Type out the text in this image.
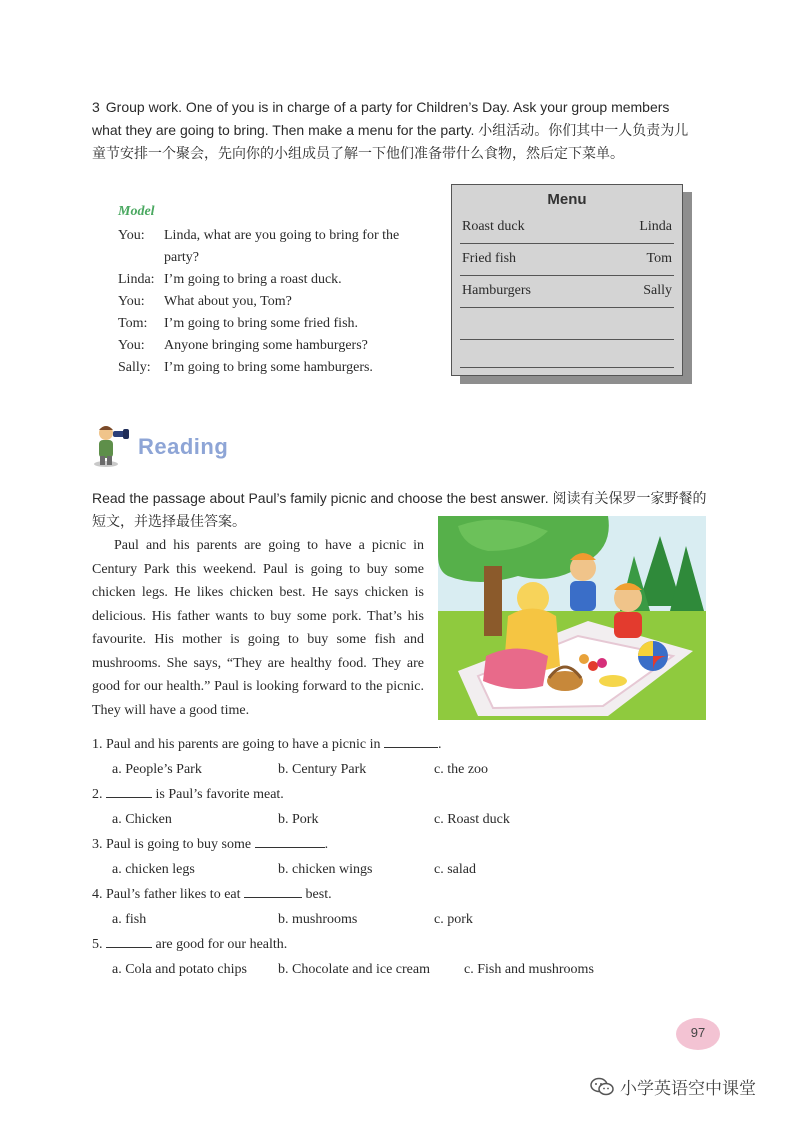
3 Group work. One of you is in charge of a party for Children’s Day. Ask your group members what they are going to bring. Then make a menu for the party. 小组活动。你们其中一人负责为儿童节安排一个聚会，先向你的小组成员了解一下他们准备带什么食物，然后定下菜单。
Model
You:	Linda, what are you going to bring for the party?
Linda: I’m going to bring a roast duck.
You:	What about you, Tom?
Tom:	I’m going to bring some fried fish.
You:	Anyone bringing some hamburgers?
Sally: I’m going to bring some hamburgers.
Menu
Roast duck	Linda
Fried fish	Tom
Hamburgers	Sally
Reading
Read the passage about Paul’s family picnic and choose the best answer. 阅读有关保罗一家野餐的短文，并选择最佳答案。
Paul and his parents are going to have a picnic in Century Park this weekend. Paul is going to buy some chicken legs. He likes chicken best. He says chicken is delicious. His father wants to buy some pork. That’s his favourite. His mother is going to buy some fish and mushrooms. She says, “They are healthy food. They are good for our health.” Paul is looking forward to the picnic. They will have a good time.
1. Paul and his parents are going to have a picnic in	.
a. People’s Park	b. Century Park	c. the zoo
2.	is Paul’s favorite meat.
a. Chicken	b. Pork	c. Roast duck
3. Paul is going to buy some	.
a. chicken legs	b. chicken wings	c. salad
4. Paul’s father likes to eat	best.
a. fish	b. mushrooms	c. pork
5.	are good for our health.
a. Cola and potato chips	b. Chocolate and ice cream	c. Fish and mushrooms
97
小学英语空中课堂
